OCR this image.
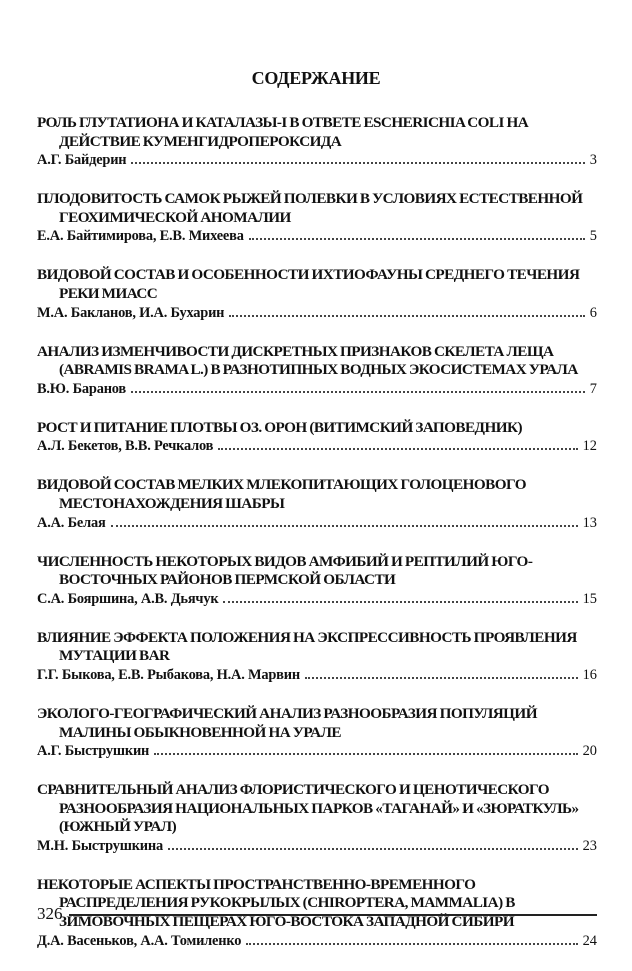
СОДЕРЖАНИЕ
РОЛЬ ГЛУТАТИОНА И КАТАЛАЗЫ-I В ОТВЕТЕ ESCHERICHIA COLI НА ДЕЙСТВИЕ КУМЕНГИДРОПЕРОКСИДА
А.Г. Байдерин	3
ПЛОДОВИТОСТЬ САМОК РЫЖЕЙ ПОЛЕВКИ В УСЛОВИЯХ ЕСТЕСТВЕННОЙ ГЕОХИМИЧЕСКОЙ АНОМАЛИИ
Е.А. Байтимирова, Е.В. Михеева	5
ВИДОВОЙ СОСТАВ И ОСОБЕННОСТИ ИХТИОФАУНЫ СРЕДНЕГО ТЕЧЕНИЯ РЕКИ МИАСС
М.А. Бакланов, И.А. Бухарин	6
АНАЛИЗ ИЗМЕНЧИВОСТИ ДИСКРЕТНЫХ ПРИЗНАКОВ СКЕЛЕТА ЛЕЩА (ABRAMIS BRAMA L.) В РАЗНОТИПНЫХ ВОДНЫХ ЭКОСИСТЕМАХ УРАЛА
В.Ю. Баранов	7
РОСТ И ПИТАНИЕ ПЛОТВЫ ОЗ. ОРОН (ВИТИМСКИЙ ЗАПОВЕДНИК)
А.Л. Бекетов, В.В. Речкалов	12
ВИДОВОЙ СОСТАВ МЕЛКИХ МЛЕКОПИТАЮЩИХ ГОЛОЦЕНОВОГО МЕСТОНАХОЖДЕНИЯ ШАБРЫ
А.А. Белая	13
ЧИСЛЕННОСТЬ НЕКОТОРЫХ ВИДОВ АМФИБИЙ И РЕПТИЛИЙ ЮГО-ВОСТОЧНЫХ РАЙОНОВ ПЕРМСКОЙ ОБЛАСТИ
С.А. Бояршина, А.В. Дьячук	15
ВЛИЯНИЕ ЭФФЕКТА ПОЛОЖЕНИЯ НА ЭКСПРЕССИВНОСТЬ ПРОЯВЛЕНИЯ МУТАЦИИ BAR
Г.Г. Быкова, Е.В. Рыбакова, Н.А. Марвин	16
ЭКОЛОГО-ГЕОГРАФИЧЕСКИЙ АНАЛИЗ РАЗНООБРАЗИЯ ПОПУЛЯЦИЙ МАЛИНЫ ОБЫКНОВЕННОЙ НА УРАЛЕ
А.Г. Быструшкин	20
СРАВНИТЕЛЬНЫЙ АНАЛИЗ ФЛОРИСТИЧЕСКОГО И ЦЕНОТИЧЕСКОГО РАЗНООБРАЗИЯ НАЦИОНАЛЬНЫХ ПАРКОВ «ТАГАНАЙ» И «ЗЮРАТКУЛЬ» (ЮЖНЫЙ УРАЛ)
М.Н. Быструшкина	23
НЕКОТОРЫЕ АСПЕКТЫ ПРОСТРАНСТВЕННО-ВРЕМЕННОГО РАСПРЕДЕЛЕНИЯ РУКОКРЫЛЫХ (CHIROPTERA, MAMMALIA) В ЗИМОВОЧНЫХ ПЕЩЕРАХ ЮГО-ВОСТОКА ЗАПАДНОЙ СИБИРИ
Д.А. Васеньков, А.А. Томиленко	24
326
